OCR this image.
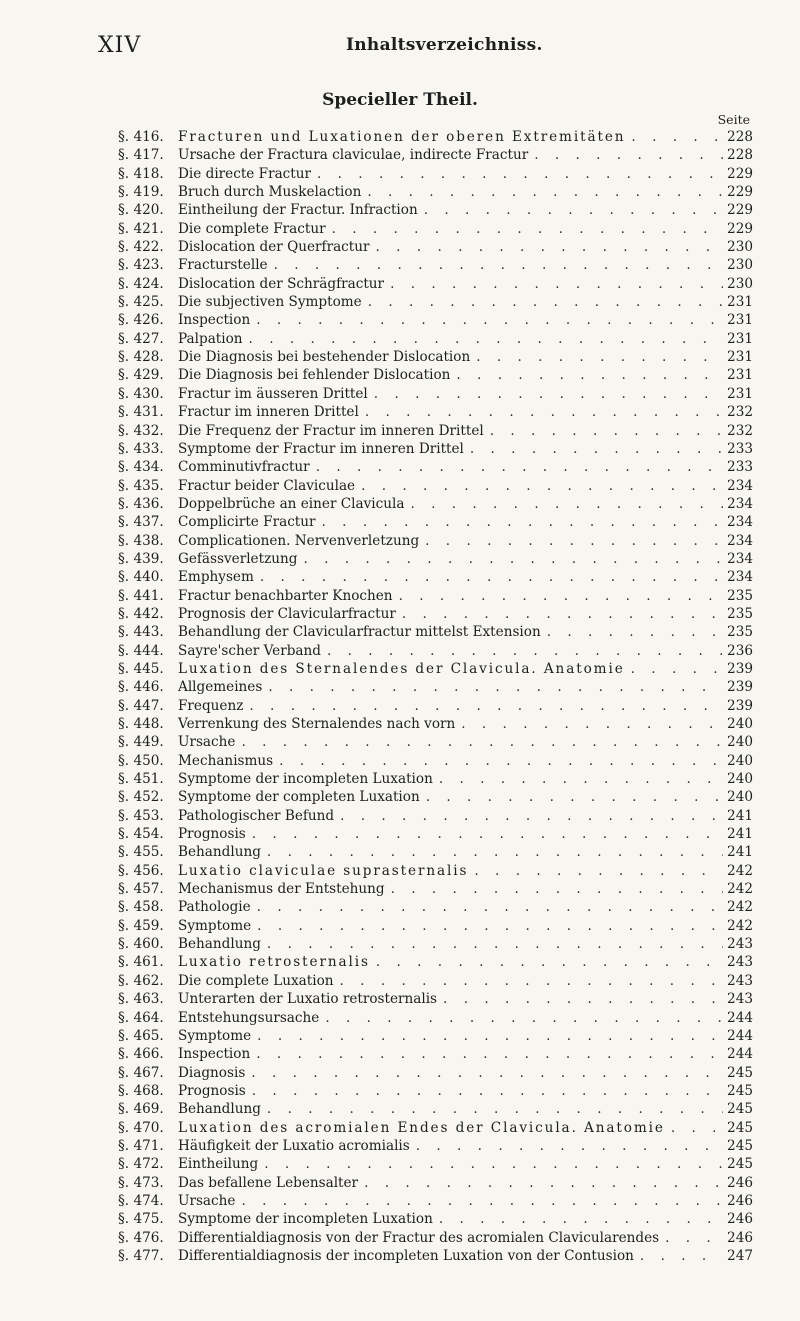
XIV	Inhaltsverzeichniss.
Specieller Theil.
Seite
§. 416.	Fracturen und Luxationen der oberen Extremitäten . . .	228
§. 417.	Ursache der Fractura claviculae, indirecte Fractur . . .	228
§. 418.	Die directe Fractur . . .	229
§. 419.	Bruch durch Muskelaction . . .	229
§. 420.	Eintheilung der Fractur. Infraction . . .	229
§. 421.	Die complete Fractur . . .	229
§. 422.	Dislocation der Querfractur . . .	230
§. 423.	Fracturstelle . . .	230
§. 424.	Dislocation der Schrägfractur . . .	230
§. 425.	Die subjectiven Symptome . . .	231
§. 426.	Inspection . . .	231
§. 427.	Palpation . . .	231
§. 428.	Die Diagnosis bei bestehender Dislocation . . .	231
§. 429.	Die Diagnosis bei fehlender Dislocation . . .	231
§. 430.	Fractur im äusseren Drittel . . .	231
§. 431.	Fractur im inneren Drittel . . .	232
§. 432.	Die Frequenz der Fractur im inneren Drittel . . .	232
§. 433.	Symptome der Fractur im inneren Drittel . . .	233
§. 434.	Comminutivfractur . . .	233
§. 435.	Fractur beider Claviculae . . .	234
§. 436.	Doppelbrüche an einer Clavicula . . .	234
§. 437.	Complicirte Fractur . . .	234
§. 438.	Complicationen. Nervenverletzung . . .	234
§. 439.	Gefässverletzung . . .	234
§. 440.	Emphysem . . .	234
§. 441.	Fractur benachbarter Knochen . . .	235
§. 442.	Prognosis der Clavicularfractur . . .	235
§. 443.	Behandlung der Clavicularfractur mittelst Extension . . .	235
§. 444.	Sayre'scher Verband . . .	236
§. 445.	Luxation des Sternalendes der Clavicula. Anatomie . . .	239
§. 446.	Allgemeines . . .	239
§. 447.	Frequenz . . .	239
§. 448.	Verrenkung des Sternalendes nach vorn . . .	240
§. 449.	Ursache . . .	240
§. 450.	Mechanismus . . .	240
§. 451.	Symptome der incompleten Luxation . . .	240
§. 452.	Symptome der completen Luxation . . .	240
§. 453.	Pathologischer Befund . . .	241
§. 454.	Prognosis . . .	241
§. 455.	Behandlung . . .	241
§. 456.	Luxatio claviculae suprasternalis . . .	242
§. 457.	Mechanismus der Entstehung . . .	242
§. 458.	Pathologie . . .	242
§. 459.	Symptome . . .	242
§. 460.	Behandlung . . .	243
§. 461.	Luxatio retrosternalis . . .	243
§. 462.	Die complete Luxation . . .	243
§. 463.	Unterarten der Luxatio retrosternalis . . .	243
§. 464.	Entstehungsursache . . .	244
§. 465.	Symptome . . .	244
§. 466.	Inspection . . .	244
§. 467.	Diagnosis . . .	245
§. 468.	Prognosis . . .	245
§. 469.	Behandlung . . .	245
§. 470.	Luxation des acromialen Endes der Clavicula. Anatomie . . .	245
§. 471.	Häufigkeit der Luxatio acromialis . . .	245
§. 472.	Eintheilung . . .	245
§. 473.	Das befallene Lebensalter . . .	246
§. 474.	Ursache . . .	246
§. 475.	Symptome der incompleten Luxation . . .	246
§. 476.	Differentialdiagnosis von der Fractur des acromialen Clavicularendes . . .	246
§. 477.	Differentialdiagnosis der incompleten Luxation von der Contusion . . .	247
